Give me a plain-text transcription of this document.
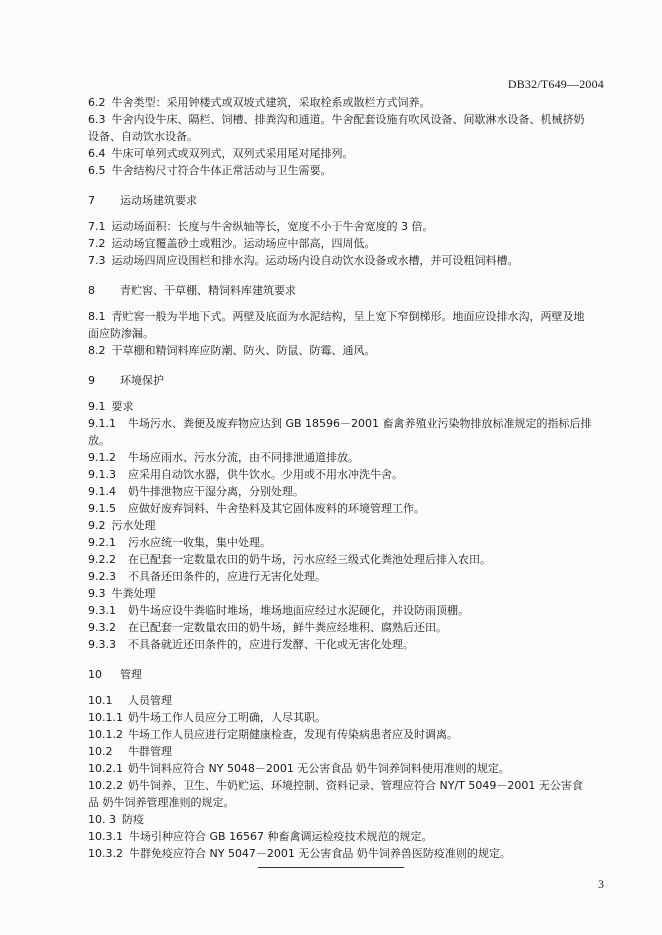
DB32/T649—2004
6.2 牛舍类型：采用钟楼式或双坡式建筑，采取栓系或散栏方式饲养。
6.3 牛舍内设牛床、隔栏、饲槽、排粪沟和通道。牛舍配套设施有吹风设备、间歇淋水设备、机械挤奶
设备、自动饮水设备。
6.4 牛床可单列式或双列式，双列式采用尾对尾排列。
6.5 牛舍结构尺寸符合牛体正常活动与卫生需要。
7 运动场建筑要求
7.1 运动场面积：长度与牛舍纵轴等长，宽度不小于牛舍宽度的 3 倍。
7.2 运动场宜覆盖砂土或粗沙。运动场应中部高，四周低。
7.3 运动场四周应设围栏和排水沟。运动场内设自动饮水设备或水槽，并可设粗饲料槽。
8 青贮窖、干草棚、精饲料库建筑要求
8.1 青贮窖一般为半地下式。两壁及底面为水泥结构，呈上宽下窄倒梯形。地面应设排水沟，两壁及地
面应防渗漏。
8.2 干草棚和精饲料库应防潮、防火、防鼠、防霉、通风。
9 环境保护
9.1 要求
9.1.1 牛场污水、粪便及废弃物应达到 GB 18596－2001 畜禽养殖业污染物排放标准规定的指标后排
放。
9.1.2 牛场应雨水、污水分流，由不同排泄通道排放。
9.1.3 应采用自动饮水器，供牛饮水。少用或不用水冲洗牛舍。
9.1.4 奶牛排泄物应干湿分离，分别处理。
9.1.5 应做好废弃饲料、牛舍垫料及其它固体废料的环境管理工作。
9.2 污水处理
9.2.1 污水应统一收集，集中处理。
9.2.2 在已配套一定数量农田的奶牛场，污水应经三级式化粪池处理后排入农田。
9.2.3 不具备还田条件的，应进行无害化处理。
9.3 牛粪处理
9.3.1 奶牛场应设牛粪临时堆场，堆场地面应经过水泥硬化，并设防雨顶棚。
9.3.2 在已配套一定数量农田的奶牛场，鲜牛粪应经堆积、腐熟后还田。
9.3.3 不具备就近还田条件的，应进行发酵、干化或无害化处理。
10 管理
10.1 人员管理
10.1.1 奶牛场工作人员应分工明确，人尽其职。
10.1.2 牛场工作人员应进行定期健康检查，发现有传染病患者应及时调离。
10.2 牛群管理
10.2.1 奶牛饲料应符合 NY 5048－2001 无公害食品 奶牛饲养饲料使用准则的规定。
10.2.2 奶牛饲养、卫生、牛奶贮运、环境控制、资料记录、管理应符合 NY/T 5049－2001 无公害食
品 奶牛饲养管理准则的规定。
10. 3 防疫
10.3.1 牛场引种应符合 GB 16567 种畜禽调运检疫技术规范的规定。
10.3.2 牛群免疫应符合 NY 5047－2001 无公害食品 奶牛饲养兽医防疫准则的规定。
3
